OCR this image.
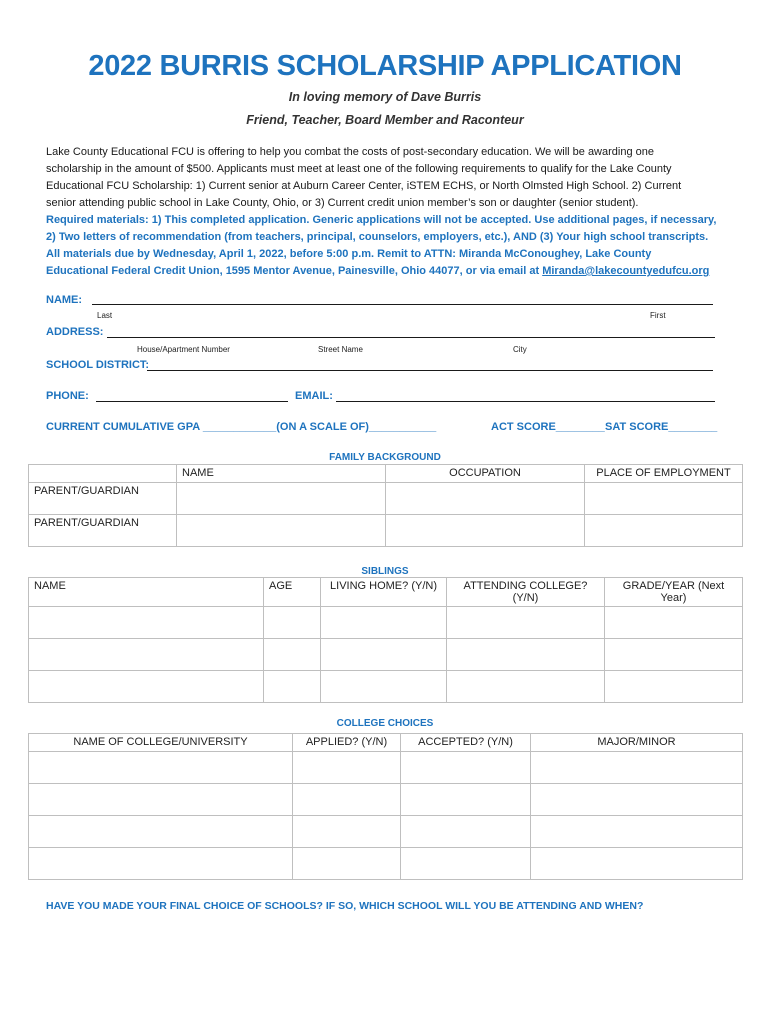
2022 BURRIS SCHOLARSHIP APPLICATION
In loving memory of Dave Burris
Friend, Teacher, Board Member and Raconteur

Lake County Educational FCU is offering to help you combat the costs of post-secondary education. We will be awarding one

scholarship in the amount of $500. Applicants must meet at least one of the following requirements to qualify for the Lake County

Educational FCU Scholarship: 1) Current senior at Auburn Career Center, iSTEM ECHS, or North Olmsted High School. 2) Current

senior attending public school in Lake County, Ohio, or 3) Current credit union member’s son or daughter (senior student).

Required materials: 1) This completed application. Generic applications will not be accepted. Use additional pages, if necessary,

2) Two letters of recommendation (from teachers, principal, counselors, employers, etc.), AND (3) Your high school transcripts.

All materials due by Wednesday, April 1, 2022, before 5:00 p.m. Remit to ATTN: Miranda McConoughey, Lake County

Educational Federal Credit Union, 1595 Mentor Avenue, Painesville, Ohio 44077, or via email at Miranda@lakecountyedufcu.org

NAME:
Last	First
ADDRESS:
House/Apartment Number	Street Name	City
SCHOOL DISTRICT:
PHONE:	EMAIL:
CURRENT CUMULATIVE GPA ____________(ON A SCALE OF)___________	ACT SCORE________ SAT SCORE________
FAMILY BACKGROUND
	NAME	OCCUPATION	PLACE OF EMPLOYMENT
PARENT/GUARDIAN			
PARENT/GUARDIAN			
SIBLINGS
NAME	AGE	LIVING HOME? (Y/N)	ATTENDING COLLEGE? (Y/N)	GRADE/YEAR (Next Year)

COLLEGE CHOICES
NAME OF COLLEGE/UNIVERSITY	APPLIED? (Y/N)	ACCEPTED? (Y/N)	MAJOR/MINOR

HAVE YOU MADE YOUR FINAL CHOICE OF SCHOOLS? IF SO, WHICH SCHOOL WILL YOU BE ATTENDING AND WHEN?
